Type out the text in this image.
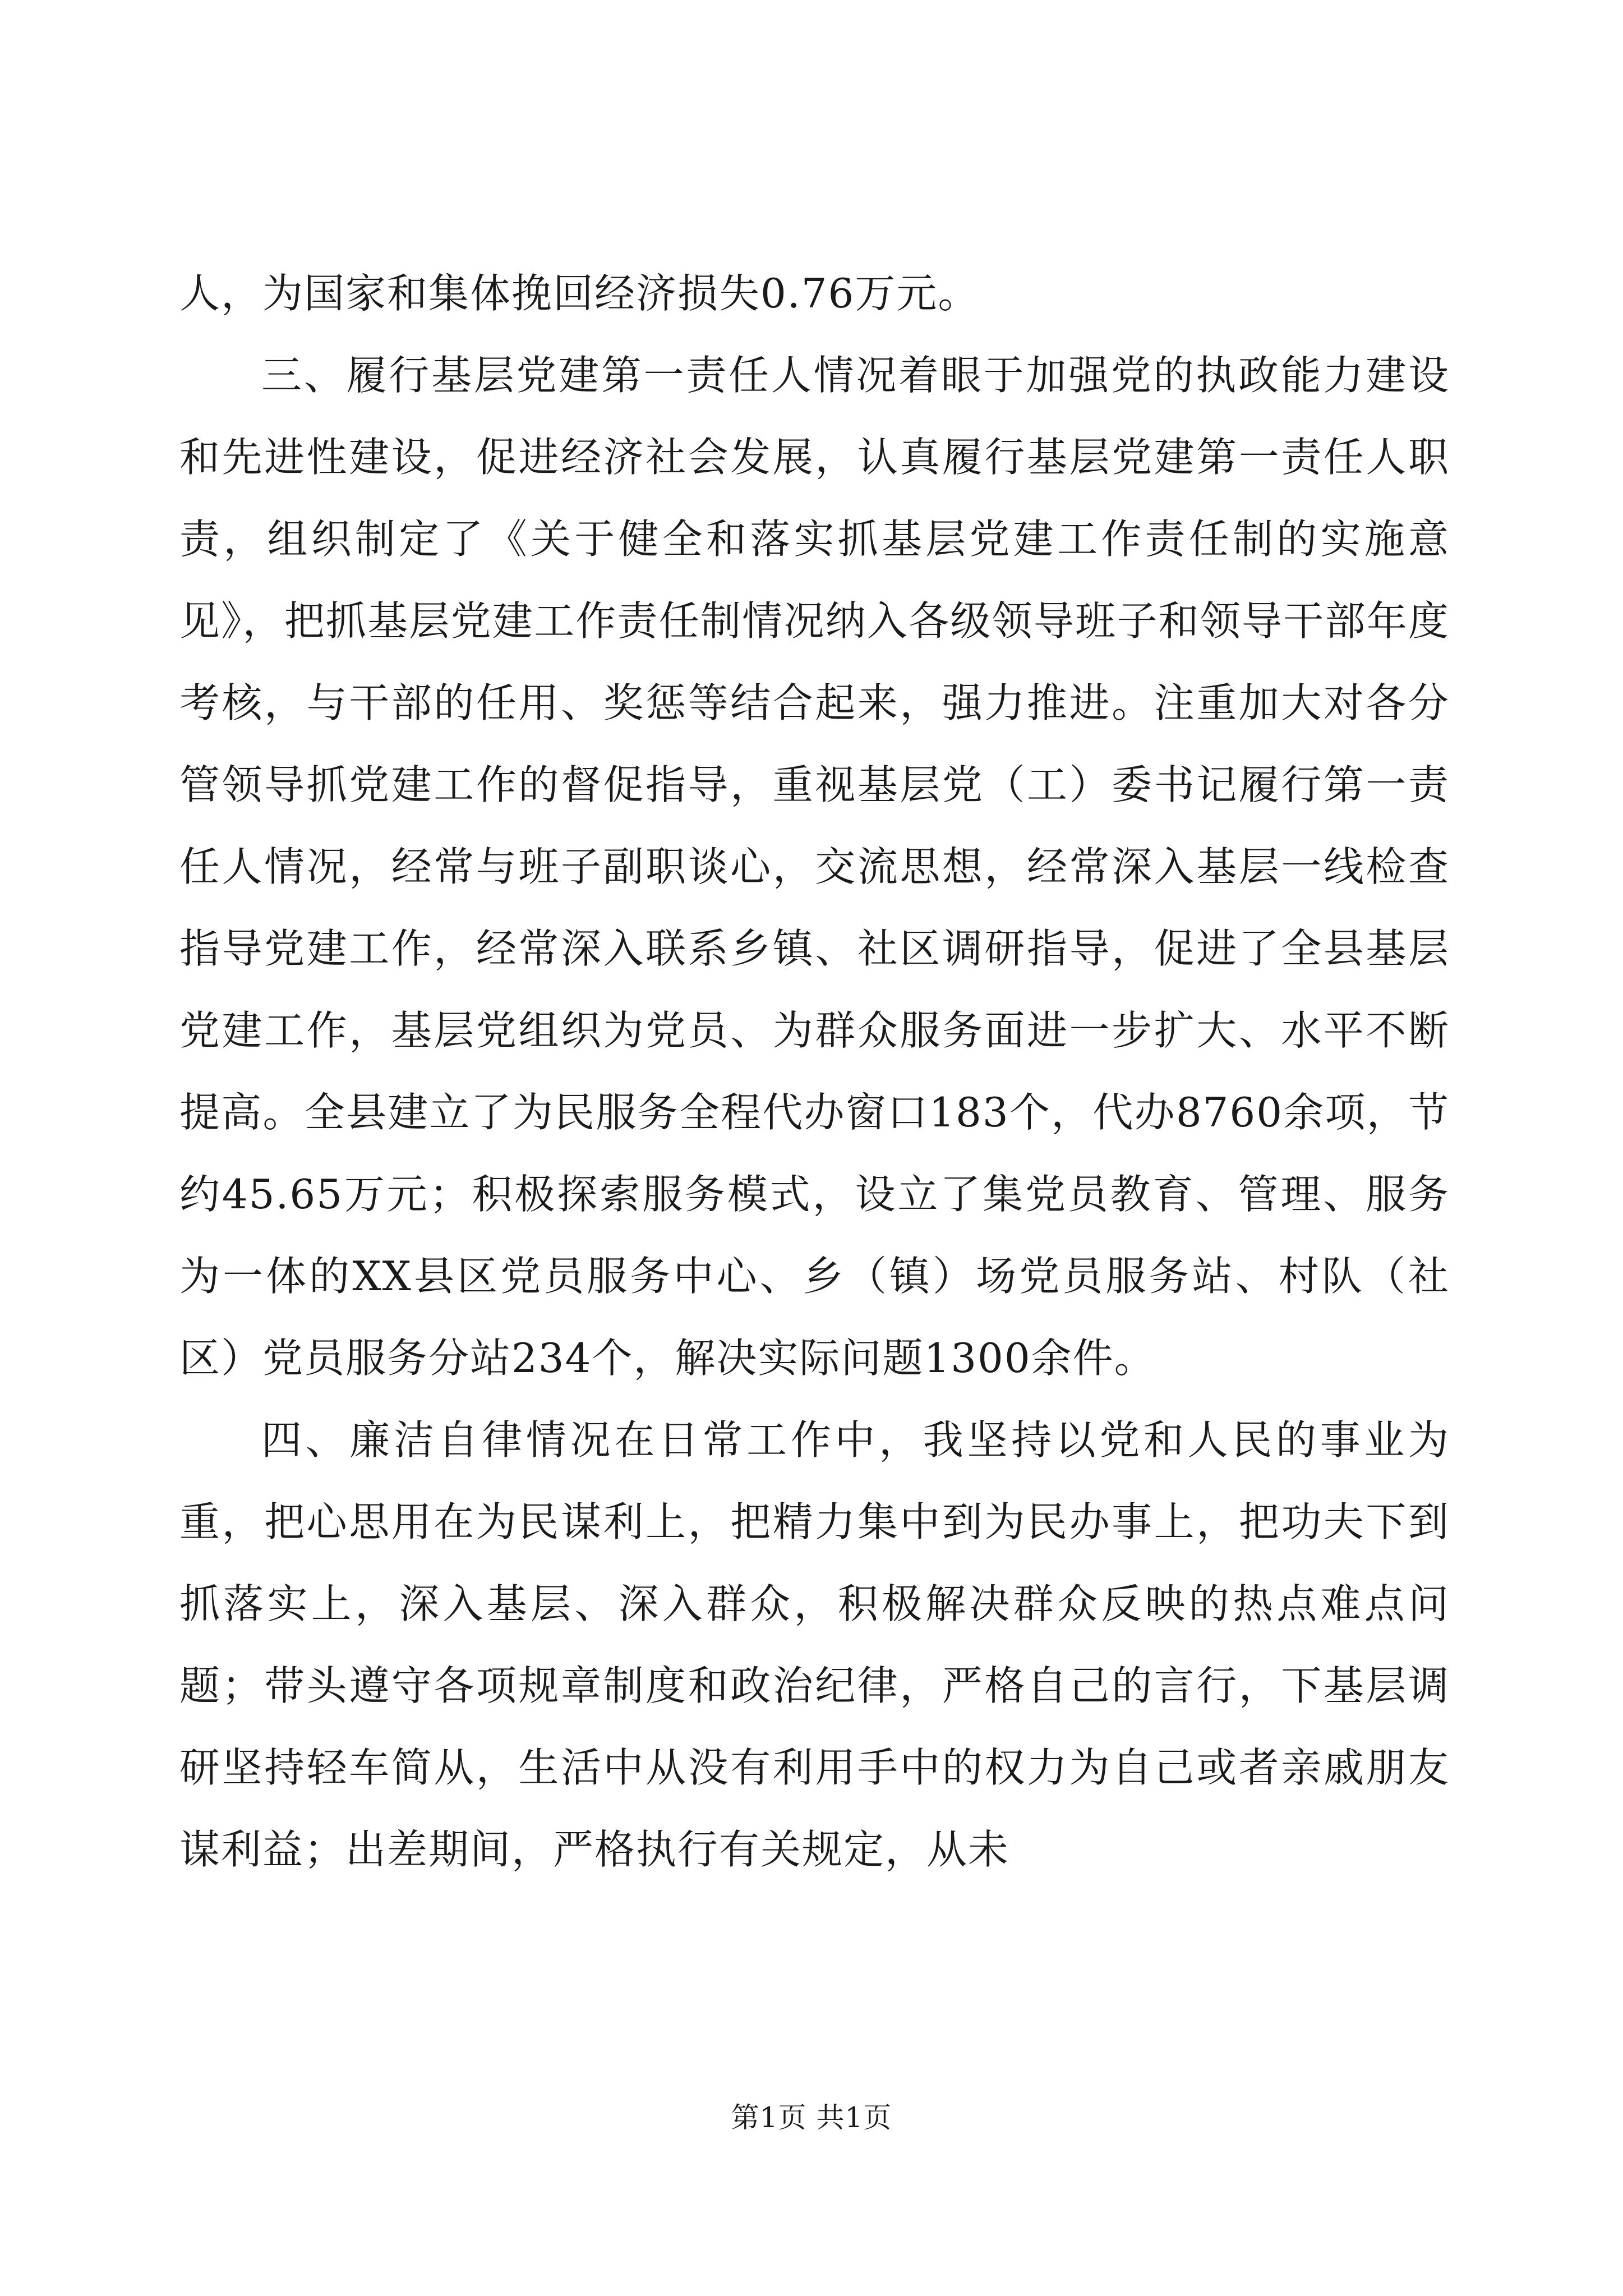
人，为国家和集体挽回经济损失0.76万元。

三、履行基层党建第一责任人情况着眼于加强党的执政能力建设和先进性建设，促进经济社会发展，认真履行基层党建第一责任人职责，组织制定了《关于健全和落实抓基层党建工作责任制的实施意见》，把抓基层党建工作责任制情况纳入各级领导班子和领导干部年度考核，与干部的任用、奖惩等结合起来，强力推进。注重加大对各分管领导抓党建工作的督促指导，重视基层党（工）委书记履行第一责任人情况，经常与班子副职谈心，交流思想，经常深入基层一线检查指导党建工作，经常深入联系乡镇、社区调研指导，促进了全县基层党建工作，基层党组织为党员、为群众服务面进一步扩大、水平不断提高。全县建立了为民服务全程代办窗口183个，代办8760余项，节约45.65万元；积极探索服务模式，设立了集党员教育、管理、服务为一体的XX县区党员服务中心、乡（镇）场党员服务站、村队（社区）党员服务分站234个，解决实际问题1300余件。

四、廉洁自律情况在日常工作中，我坚持以党和人民的事业为重，把心思用在为民谋利上，把精力集中到为民办事上，把功夫下到抓落实上，深入基层、深入群众，积极解决群众反映的热点难点问题；带头遵守各项规章制度和政治纪律，严格自己的言行，下基层调研坚持轻车简从，生活中从没有利用手中的权力为自己或者亲戚朋友谋利益；出差期间，严格执行有关规定，从未

第1页 共1页
